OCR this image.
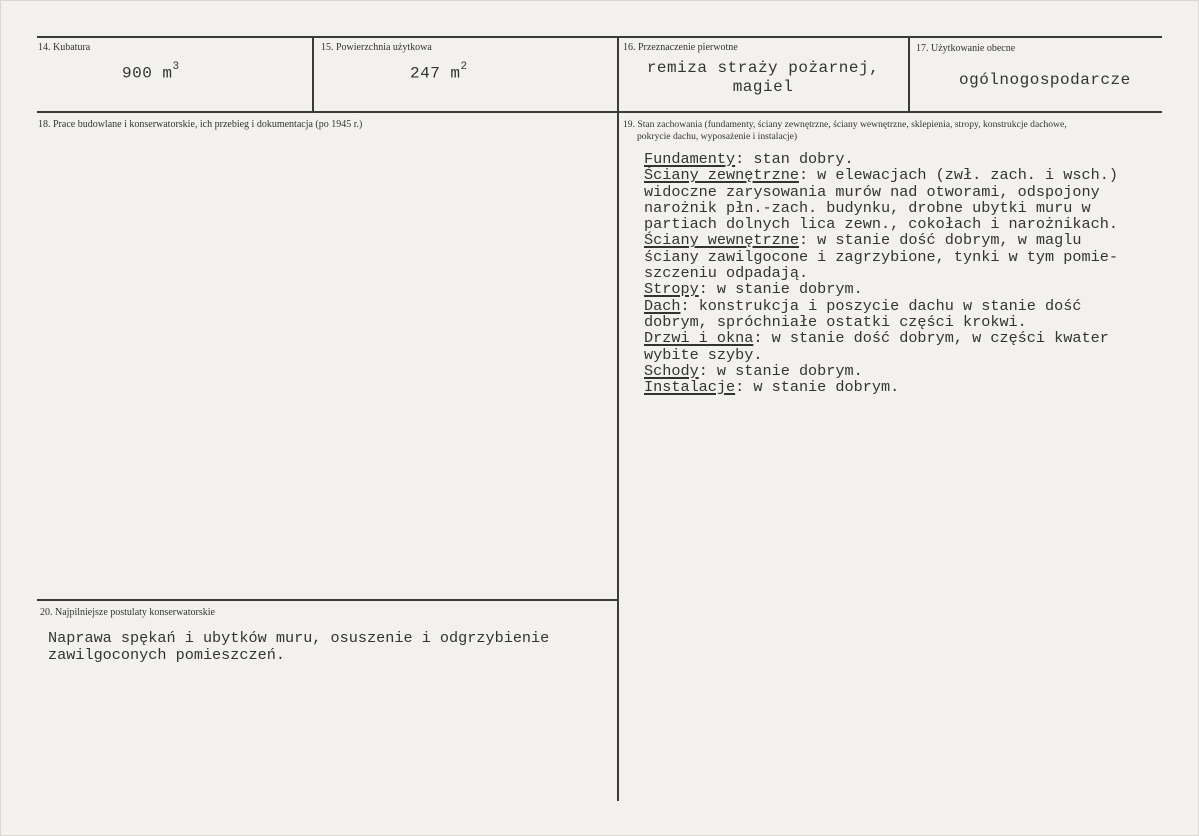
14. Kubatura

900 $m^3$

15. Powierzchnia użytkowa

247 $m^2$

16. Przeznaczenie pierwotne

remiza straży pożarnej,

magiel

17. Użytkowanie obecne

ogólnogospodarcze

18. Prace budowlane i konserwatorskie, ich przebieg i dokumentacja (po 1945 r.)	19. Stan zachowania (fundamenty, ściany zewnętrzne, ściany wewnętrzne, sklepienia, stropy, konstrukcje dachowe,

pokrycie dachu, wyposażenie i instalacje)

Fundamenty: stan dobry.
Ściany zewnętrzne: w elewacjach (zwł. zach. i wsch.)
widoczne zarysowania murów nad otworami, odspojony
narożnik płn.-zach. budynku, drobne ubytki muru w
partiach dolnych lica zewn., cokołach i narożnikach.
Ściany wewnętrzne: w stanie dość dobrym, w maglu
ściany zawilgocone i zagrzybione, tynki w tym pomie-
szczeniu odpadają.
Stropy: w stanie dobrym.
Dach: konstrukcja i poszycie dachu w stanie dość
dobrym, spróchniałe ostatki części krokwi.
Drzwi i okna: w stanie dość dobrym, w części kwater
wybite szyby.
Schody: w stanie dobrym.
Instalacje: w stanie dobrym.

20. Najpilniejsze postulaty konserwatorskie

Naprawa spękań i ubytków muru, osuszenie i odgrzybienie

zawilgoconych pomieszczeń.
